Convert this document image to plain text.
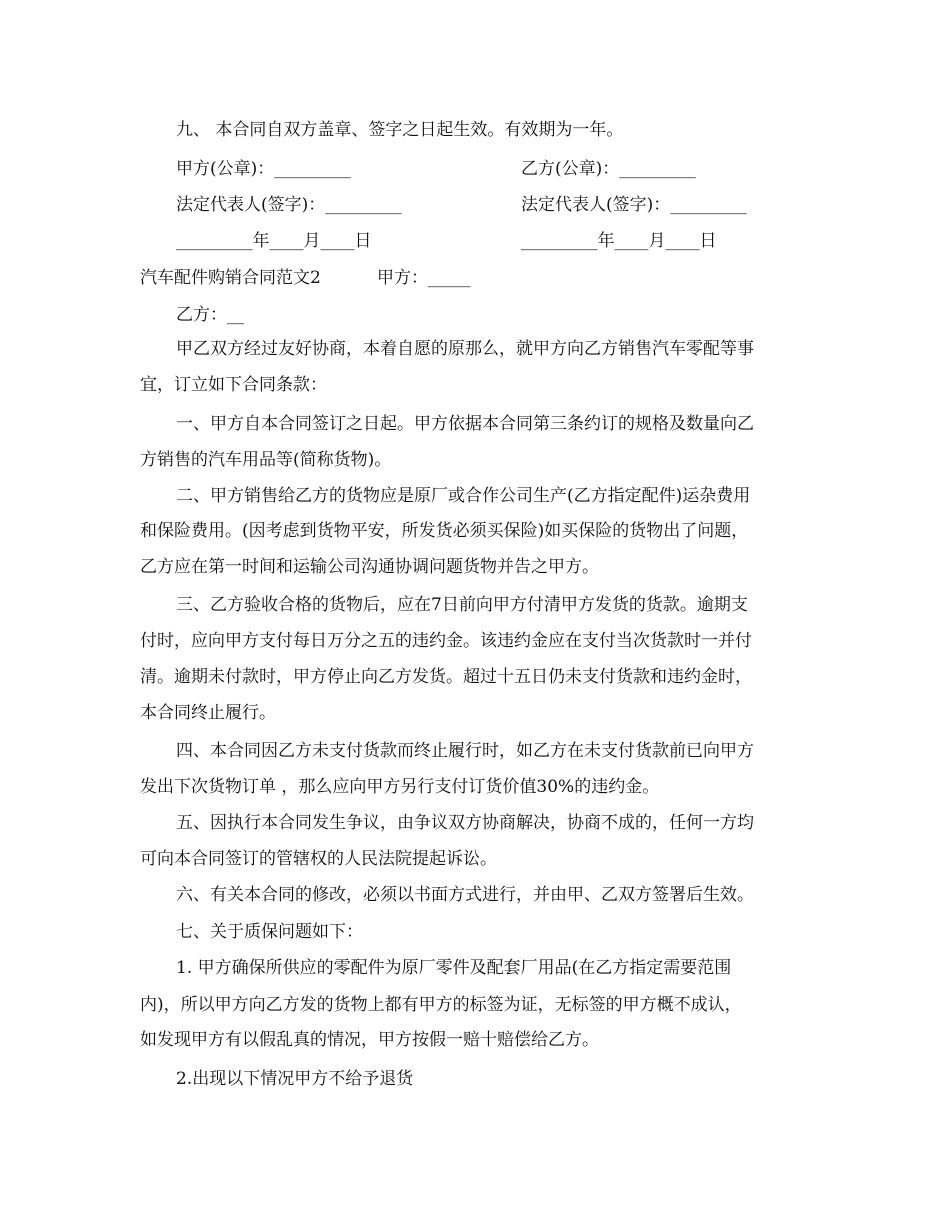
九、 本合同自双方盖章、签字之日起生效。有效期为一年。
甲方(公章)：_________	乙方(公章)：_________
法定代表人(签字)：_________	法定代表人(签字)：_________
_________年____月____日	_________年____月____日
汽车配件购销合同范文2	甲方：_____
乙方：__
甲乙双方经过友好协商，本着自愿的原那么，就甲方向乙方销售汽车零配等事
宜，订立如下合同条款：
一、甲方自本合同签订之日起。甲方依据本合同第三条约订的规格及数量向乙
方销售的汽车用品等(简称货物)。
二、甲方销售给乙方的货物应是原厂或合作公司生产(乙方指定配件)运杂费用
和保险费用。(因考虑到货物平安，所发货必须买保险)如买保险的货物出了问题，
乙方应在第一时间和运输公司沟通协调问题货物并告之甲方。
三、乙方验收合格的货物后，应在7日前向甲方付清甲方发货的货款。逾期支
付时，应向甲方支付每日万分之五的违约金。该违约金应在支付当次货款时一并付
清。逾期未付款时，甲方停止向乙方发货。超过十五日仍未支付货款和违约金时，
本合同终止履行。
四、本合同因乙方未支付货款而终止履行时，如乙方在未支付货款前已向甲方
发出下次货物订单 ，那么应向甲方另行支付订货价值30%的违约金。
五、因执行本合同发生争议，由争议双方协商解决，协商不成的，任何一方均
可向本合同签订的管辖权的人民法院提起诉讼。
六、有关本合同的修改，必须以书面方式进行，并由甲、乙双方签署后生效。
七、关于质保问题如下：
1. 甲方确保所供应的零配件为原厂零件及配套厂用品(在乙方指定需要范围
内)，所以甲方向乙方发的货物上都有甲方的标签为证，无标签的甲方概不成认，
如发现甲方有以假乱真的情况，甲方按假一赔十赔偿给乙方。
2.出现以下情况甲方不给予退货
